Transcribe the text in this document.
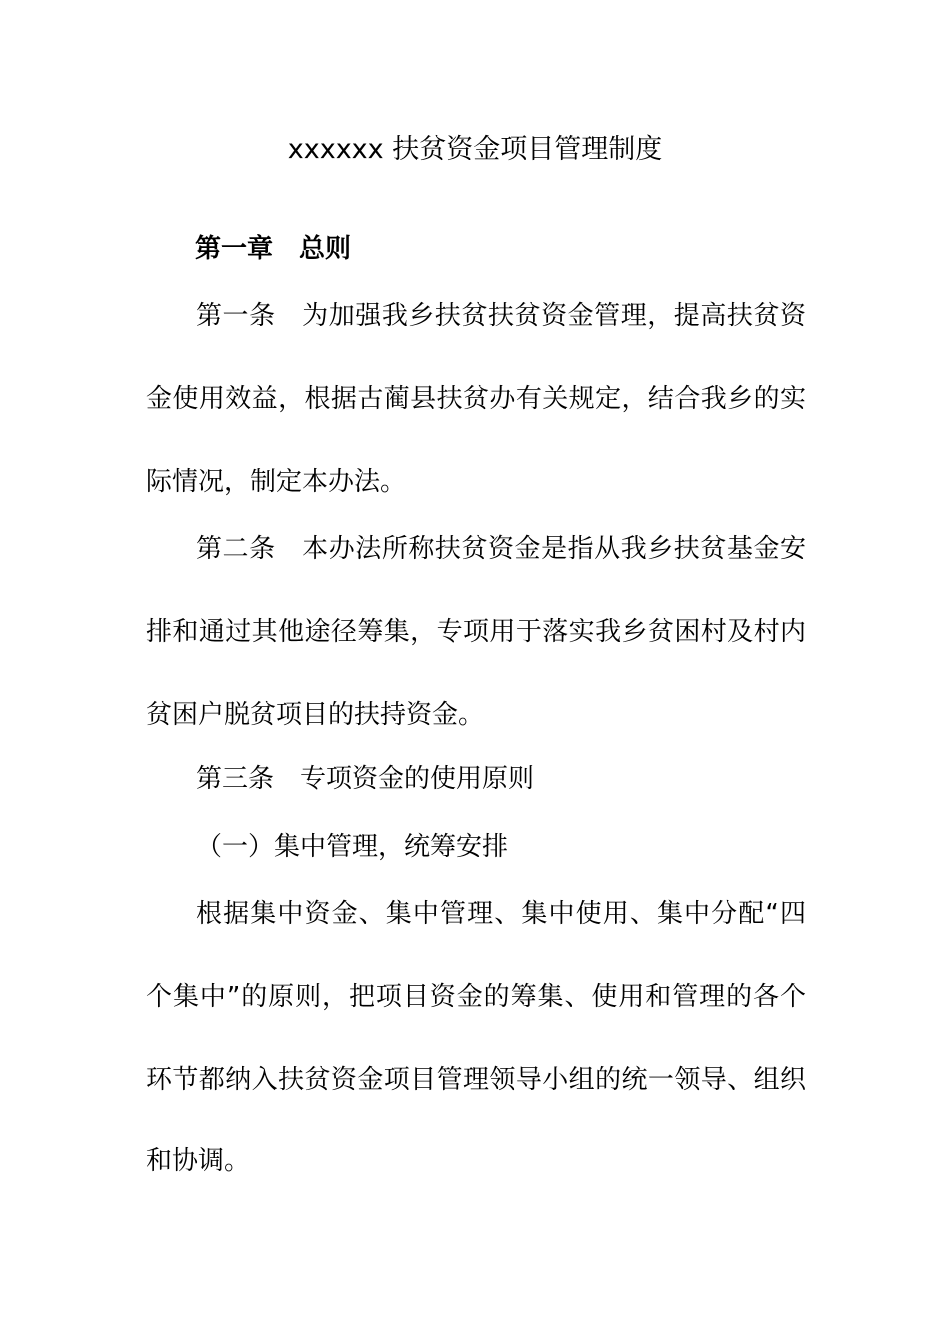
xxxxxx 扶贫资金项目管理制度
第一章　总则
第一条　为加强我乡扶贫扶贫资金管理，提高扶贫资
金使用效益，根据古蔺县扶贫办有关规定，结合我乡的实
际情况，制定本办法。
第二条　本办法所称扶贫资金是指从我乡扶贫基金安
排和通过其他途径筹集，专项用于落实我乡贫困村及村内
贫困户脱贫项目的扶持资金。
第三条　专项资金的使用原则
（一）集中管理，统筹安排
根据集中资金、集中管理、集中使用、集中分配“四
个集中”的原则，把项目资金的筹集、使用和管理的各个
环节都纳入扶贫资金项目管理领导小组的统一领导、组织
和协调。
